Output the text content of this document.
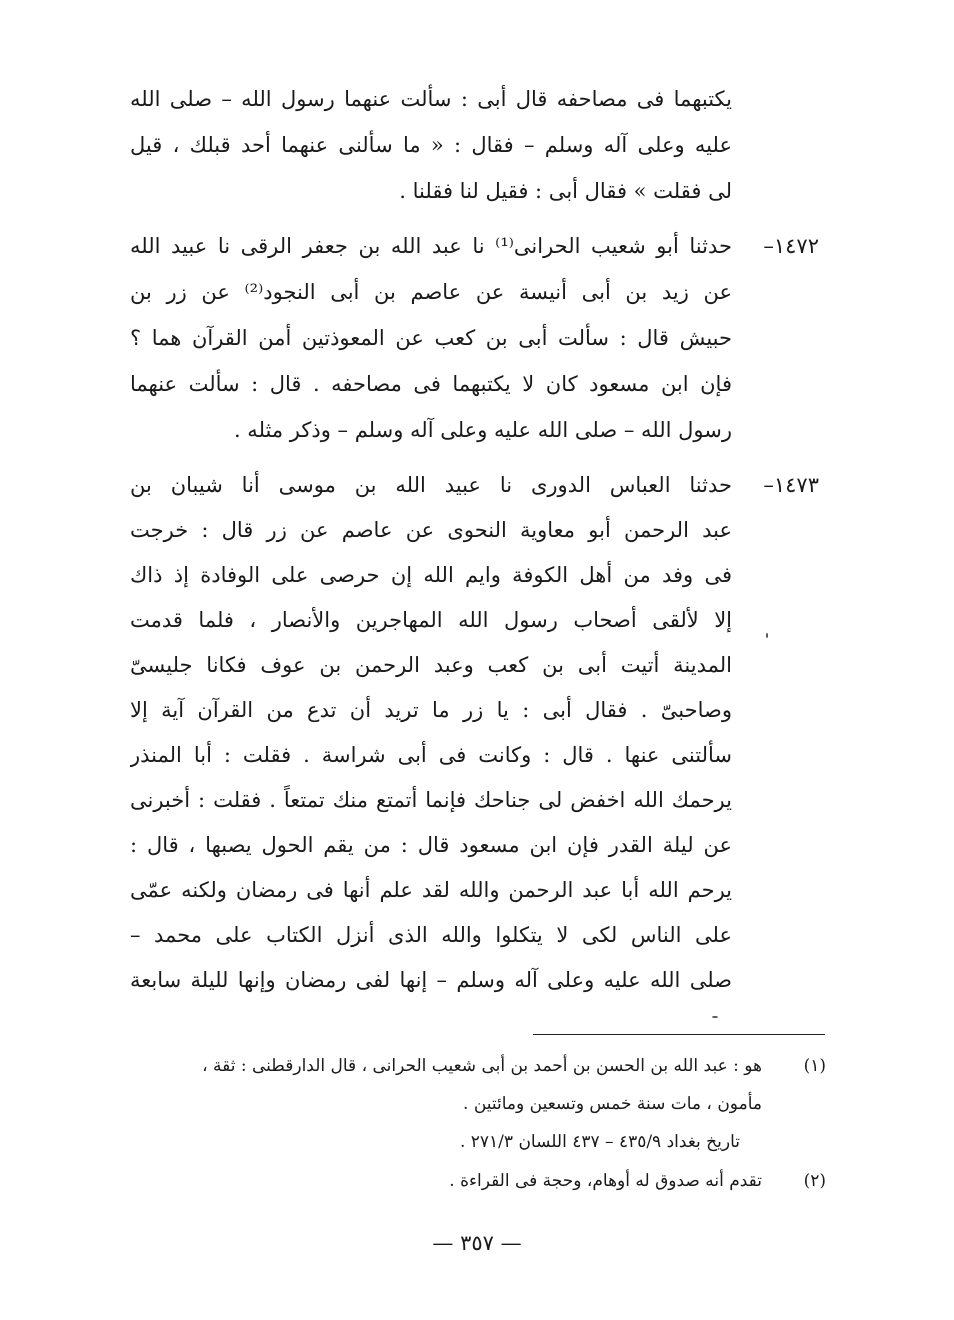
يكتبهما فى مصاحفه قال أبى : سألت عنهما رسول الله – صلى الله
عليه وعلى آله وسلم – فقال : « ما سألنى عنهما أحد قبلك ، قيل
لى فقلت » فقال أبى : فقيل لنا فقلنا .
١٤٧٢–
حدثنا أبو شعيب الحرانى⁽¹⁾ نا عبد الله بن جعفر الرقى نا عبيد الله
عن زيد بن أبى أنيسة عن عاصم بن أبى النجود⁽²⁾ عن زر بن
حبيش قال : سألت أبى بن كعب عن المعوذتين أمن القرآن هما ؟
فإن ابن مسعود كان لا يكتبهما فى مصاحفه . قال : سألت عنهما
رسول الله – صلى الله عليه وعلى آله وسلم – وذكر مثله .
١٤٧٣–
حدثنا العباس الدورى نا عبيد الله بن موسى أنا شيبان بن
عبد الرحمن أبو معاوية النحوى عن عاصم عن زر قال : خرجت
فى وفد من أهل الكوفة وايم الله إن حرصى على الوفادة إذ ذاك
إلا لألقى أصحاب رسول الله المهاجرين والأنصار ، فلما قدمت
المدينة أتيت أبى بن كعب وعبد الرحمن بن عوف فكانا جليسىّ
وصاحبىّ . فقال أبى : يا زر ما تريد أن تدع من القرآن آية إلا
سألتنى عنها . قال : وكانت فى أبى شراسة . فقلت : أبا المنذر
يرحمك الله اخفض لى جناحك فإنما أتمتع منك تمتعاً . فقلت : أخبرنى
عن ليلة القدر فإن ابن مسعود قال : من يقم الحول يصبها ، قال :
يرحم الله أبا عبد الرحمن والله لقد علم أنها فى رمضان ولكنه عمّى
على الناس لكى لا يتكلوا والله الذى أنزل الكتاب على محمد –
صلى الله عليه وعلى آله وسلم – إنها لفى رمضان وإنها لليلة سابعة
(١)
هو : عبد الله بن الحسن بن أحمد بن أبى شعيب الحرانى ، قال الدارقطنى : ثقة ،
مأمون ، مات سنة خمس وتسعين ومائتين .
تاريخ بغداد ٤٣٥/٩ – ٤٣٧ اللسان ٢٧١/٣ .
(٢)
تقدم أنه صدوق له أوهام، وحجة فى القراءة .
— ٣٥٧ —
